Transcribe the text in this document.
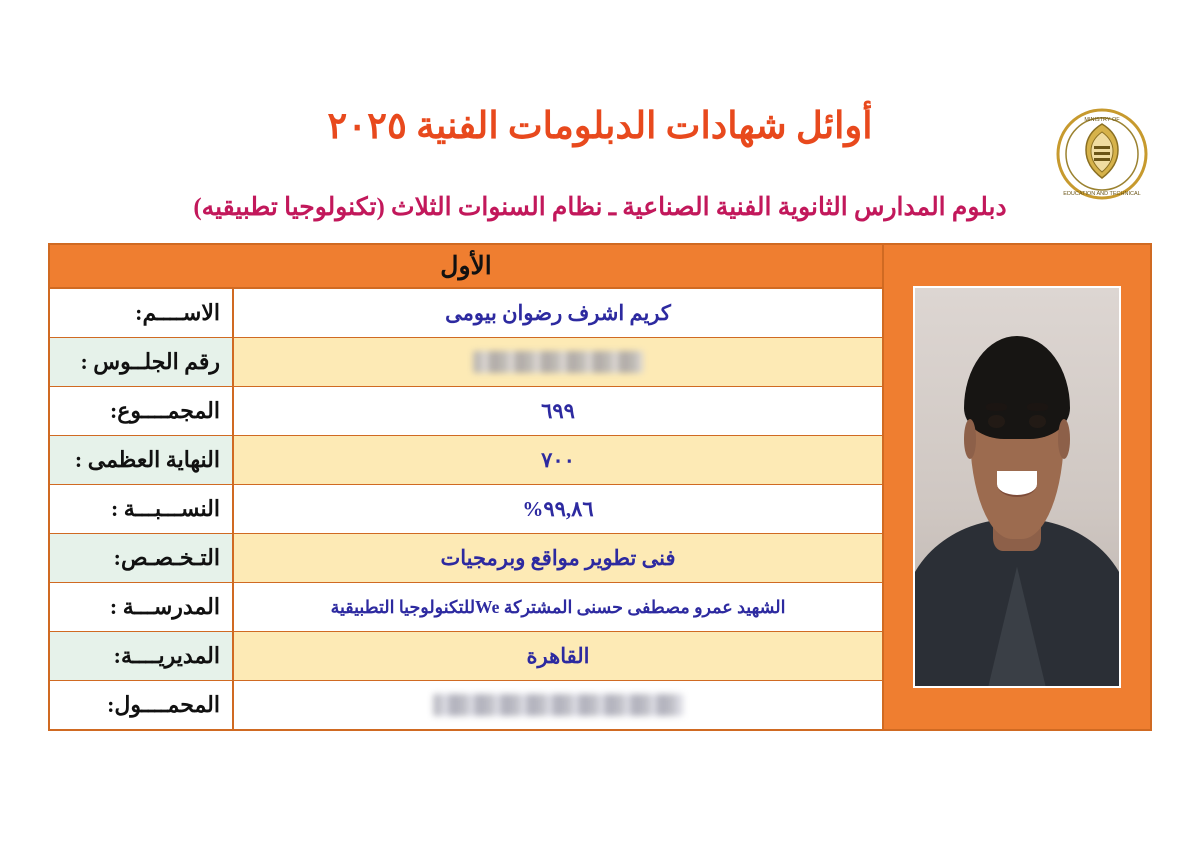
MINISTRY OF
EDUCATION AND TECHNICAL
أوائل شهادات الدبلومات الفنية ٢٠٢٥
دبلوم المدارس الثانوية الفنية الصناعية ـ نظام السنوات الثلاث (تكنولوجيا تطبيقيه)
الأول
كريم اشرف رضوان بيومى
الاســــم:
رقم الجلــوس :
٦٩٩
المجمــــوع:
٧٠٠
النهاية العظمى :
٩٩,٨٦%
النســـبـــة :
فنى تطوير مواقع وبرمجيات
التـخـصـص:
الشهيد عمرو مصطفى حسنى المشتركة Weللتكنولوجيا التطبيقية
المدرســـة :
القاهرة
المديريــــة:
المحمــــول:
